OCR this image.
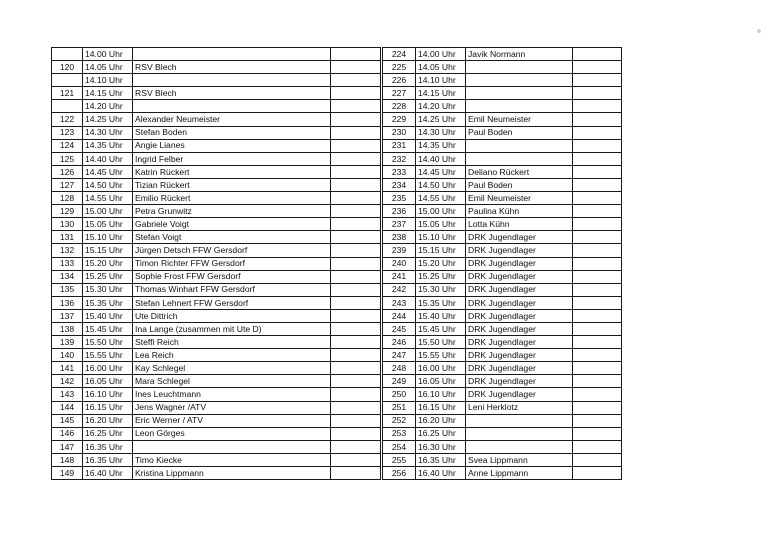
	14.00 Uhr		
120	14.05 Uhr	RSV Blech	
	14.10 Uhr		
121	14.15 Uhr	RSV Blech	
	14.20 Uhr		
122	14.25 Uhr	Alexander Neumeister	
123	14.30 Uhr	Stefan Boden	
124	14.35 Uhr	Angie Lianes	
125	14.40 Uhr	Ingrid Felber	
126	14.45 Uhr	Katrin Rückert	
127	14.50 Uhr	Tizian Rückert	
128	14.55 Uhr	Emilio Rückert	
129	15.00 Uhr	Petra Grunwitz	
130	15.05 Uhr	Gabriele Voigt	
131	15.10 Uhr	Stefan Voigt	
132	15.15 Uhr	Jürgen Detsch FFW Gersdorf	
133	15.20 Uhr	Timon Richter FFW Gersdorf	
134	15.25 Uhr	Sophie Frost FFW Gersdorf	
135	15.30 Uhr	Thomas Winhart FFW Gersdorf	
136	15.35 Uhr	Stefan Lehnert FFW Gersdorf	
137	15.40 Uhr	Ute Dittrich	
138	15.45 Uhr	Ina Lange (zusammen mit Ute D)	
139	15.50 Uhr	Steffi Reich	
140	15.55 Uhr	Lea Reich	
141	16.00 Uhr	Kay Schlegel	
142	16.05 Uhr	Mara Schlegel	
143	16.10 Uhr	Ines Leuchtmann	
144	16.15 Uhr	Jens Wagner /ATV	
145	16.20 Uhr	Eric Werner / ATV	
146	16.25 Uhr	Leon Görges	
147	16.35 Uhr		
148	16.35 Uhr	Timo Kiecke	
149	16.40 Uhr	Kristina Lippmann	
224	14.00 Uhr	Javik Normann	
225	14.05 Uhr		
226	14.10 Uhr		
227	14.15 Uhr		
228	14.20 Uhr		
229	14.25 Uhr	Emil Neumeister	
230	14.30 Uhr	Paul Boden	
231	14.35 Uhr		
232	14.40 Uhr		
233	14.45 Uhr	Deliano Rückert	
234	14.50 Uhr	Paul Boden	
235	14.55 Uhr	Emil Neumeister	
236	15.00 Uhr	Paulina Kühn	
237	15.05 Uhr	Lotta Kühn	
238	15.10 Uhr	DRK Jugendlager	
239	15.15 Uhr	DRK Jugendlager	
240	15.20 Uhr	DRK Jugendlager	
241	15.25 Uhr	DRK Jugendlager	
242	15.30 Uhr	DRK Jugendlager	
243	15.35 Uhr	DRK Jugendlager	
244	15.40 Uhr	DRK Jugendlager	
245	15.45 Uhr	DRK Jugendlager	
246	15.50 Uhr	DRK Jugendlager	
247	15.55 Uhr	DRK Jugendlager	
248	16.00 Uhr	DRK Jugendlager	
249	16.05 Uhr	DRK Jugendlager	
250	16.10 Uhr	DRK Jugendlager	
251	16.15 Uhr	Leni Herklotz	
252	16.20 Uhr		
253	16.25 Uhr		
254	16.30 Uhr		
255	16.35 Uhr	Svea Lippmann	
256	16.40 Uhr	Anne Lippmann	
